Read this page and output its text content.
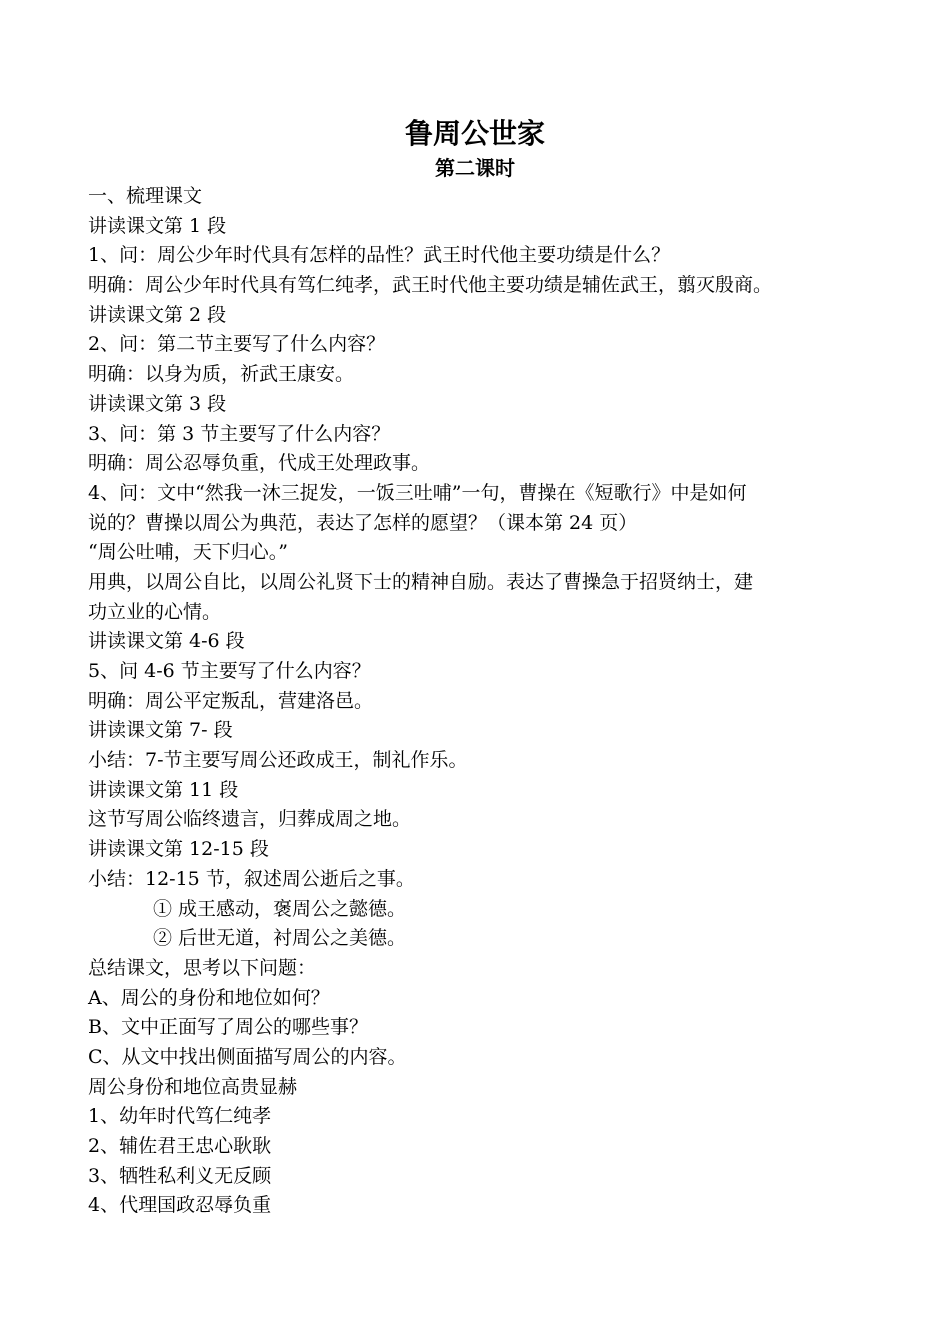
鲁周公世家
第二课时
一、梳理课文
讲读课文第 1 段
1、问：周公少年时代具有怎样的品性？武王时代他主要功绩是什么？
明确：周公少年时代具有笃仁纯孝，武王时代他主要功绩是辅佐武王，翦灭殷商。
讲读课文第 2 段
2、问：第二节主要写了什么内容？
明确：以身为质，祈武王康安。
讲读课文第 3 段
3、问：第 3 节主要写了什么内容？
明确：周公忍辱负重，代成王处理政事。
4、问：文中“然我一沐三捉发，一饭三吐哺”一句，曹操在《短歌行》中是如何
说的？曹操以周公为典范，表达了怎样的愿望？（课本第 24 页）
“周公吐哺，天下归心。”
用典，以周公自比，以周公礼贤下士的精神自励。表达了曹操急于招贤纳士，建
功立业的心情。
讲读课文第 4-6 段
5、问 4-6 节主要写了什么内容？
明确：周公平定叛乱，营建洛邑。
讲读课文第 7- 段
小结：7-节主要写周公还政成王，制礼作乐。
讲读课文第 11 段
这节写周公临终遗言，归葬成周之地。
讲读课文第 12-15 段
小结：12-15 节，叙述周公逝后之事。
① 成王感动，褒周公之懿德。
② 后世无道，衬周公之美德。
总结课文，思考以下问题：
A、周公的身份和地位如何？
B、文中正面写了周公的哪些事？
C、从文中找出侧面描写周公的内容。
周公身份和地位高贵显赫
1、幼年时代笃仁纯孝
2、辅佐君王忠心耿耿
3、牺牲私利义无反顾
4、代理国政忍辱负重
